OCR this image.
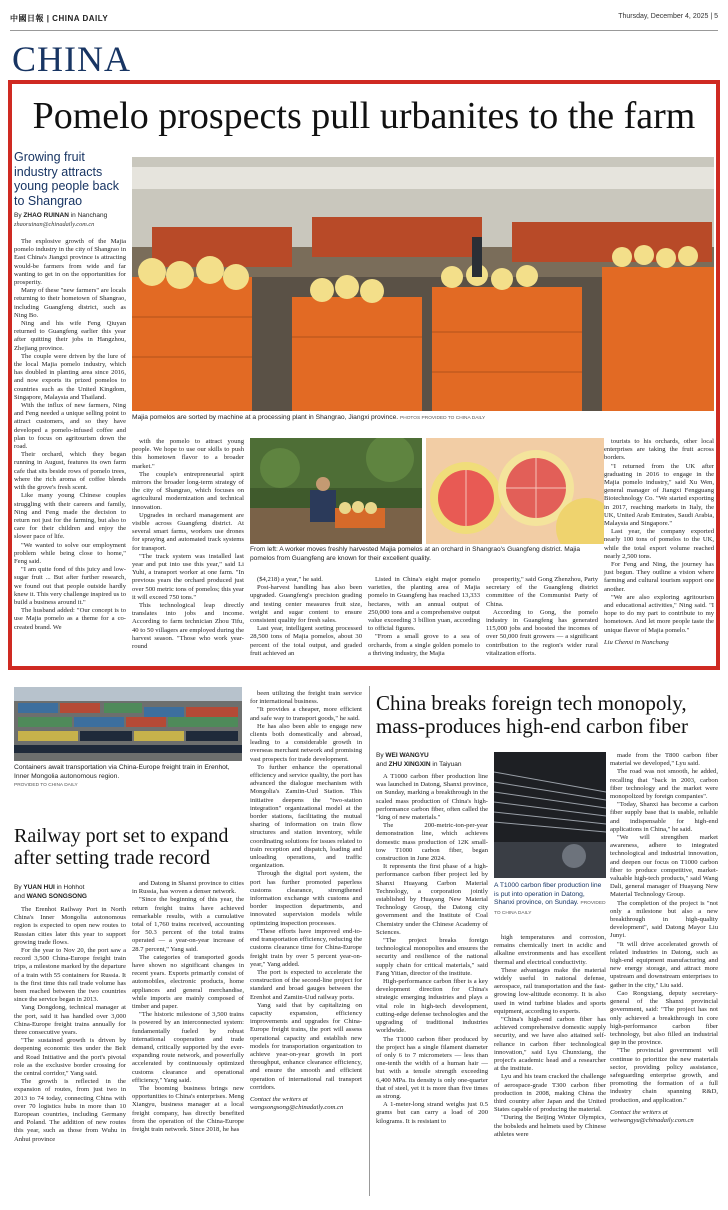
中國日報 | CHINA DAILY	Thursday, December 4, 2025 | 5
CHINA
Pomelo prospects pull urbanites to the farm
Growing fruit industry attracts young people back to Shangrao
By ZHAO RUINAN in Nanchang
zhaoruinan@chinadaily.com.cn

The explosive growth of the Majia pomelo industry in the city of Shangrao in East China's Jiangxi province is attracting would-be farmers from wide and far wanting to get in on the opportunities for prosperity.

Many of these "new farmers" are locals returning to their hometown of Shangrao, including Guangfeng district, such as Ning Bo.

Ning and his wife Feng Qiuyan returned to Guangfeng earlier this year after quitting their jobs in Hangzhou, Zhejiang province.

The couple were driven by the lure of the local Majia pomelo industry, which has doubled in planting area since 2016, and now exports its prized pomelos to countries such as the United Kingdom, Singapore, Malaysia and Thailand.

With the influx of new farmers, Ning and Feng needed a unique selling point to attract customers, and so they have developed a pomelo-infused coffee and plan to focus on agritourism down the road.

Their orchard, which they began running in August, features its own farm cafe that sits beside rows of pomelo trees, where the rich aroma of coffee blends with the grove's fresh scent.

Like many young Chinese couples struggling with their careers and family, Ning and Feng made the decision to return not just for the farming, but also to care for their children and enjoy the slower pace of life.

"We wanted to solve our employment problem while being close to home," Feng said.

"I am quite fond of this juicy and low-sugar fruit ... But after further research, we found out that people outside hardly knew it. This very challenge inspired us to build a business around it."

The husband added: "Our concept is to use Majia pomelo as a theme for a co-created brand. We

Majia pomelos are sorted by machine at a processing plant in Shangrao, Jiangxi province. PHOTOS PROVIDED TO CHINA DAILY

with the pomelo to attract young people. We hope to use our skills to push this hometown flavor to a broader market."

The couple's entrepreneurial spirit mirrors the broader long-term strategy of the city of Shangrao, which focuses on agricultural modernization and technical innovation.

Upgrades in orchard management are visible across Guangfeng district. At several smart farms, workers use drones for spraying and automated track systems for transport.

"The track system was installed last year and put into use this year," said Li Yuhi, a transport worker at one farm. "In previous years the orchard produced just over 500 metric tons of pomelos; this year it will exceed 750 tons."

This technological leap directly translates into jobs and income. According to farm technician Zhou Tifu, 40 to 50 villagers are employed during the harvest season. "Those who work year-round

From left: A worker moves freshly harvested Majia pomelos at an orchard in Shangrao's Guangfeng district. Majia pomelos from Guangfeng are known for their excellent quality.

($4,218) a year," he said.

Post-harvest handling has also been upgraded. Guangfeng's precision grading and testing center measures fruit size, weight and sugar content to ensure consistent quality for fresh sales.

Last year, intelligent sorting processed 28,500 tons of Majia pomelos, about 30 percent of the total output, and graded fruit achieved an

Listed in China's eight major pomelo varieties, the planting area of Majia pomelo in Guangfeng has reached 13,333 hectares, with an annual output of 250,000 tons and a comprehensive output value exceeding 3 billion yuan, according to official figures.

"From a small grove to a sea of orchards, from a single golden pomelo to a thriving industry, the Majia

prosperity," said Gong Zhenzhou, Party secretary of the Guangfeng district committee of the Communist Party of China.

According to Gong, the pomelo industry in Guangfeng has generated 115,000 jobs and boosted the incomes of over 50,000 fruit growers — a significant contribution to the region's wider rural vitalization efforts.

tourists to his orchards, other local enterprises are taking the fruit across borders.

"I returned from the UK after graduating in 2016 to engage in the Majia pomelo industry," said Xu Wen, general manager of Jiangxi Fengguang Biotechnology Co. "We started exporting in 2017, reaching markets in Italy, the UK, United Arab Emirates, Saudi Arabia, Malaysia and Singapore."

Last year, the company exported nearly 100 tons of pomelos to the UK, while the total export volume reached nearly 2,500 tons.

For Feng and Ning, the journey has just begun. They outline a vision where farming and cultural tourism support one another.

"We are also exploring agritourism and educational activities," Ning said. "I hope to do my part to contribute to my hometown. And let more people taste the unique flavor of Majia pomelo."

Liu Chenxi in Nanchang
Containers await transportation via China-Europe freight train in Erenhot, Inner Mongolia autonomous region.
PROVIDED TO CHINA DAILY
Railway port set to expand after setting trade record
By YUAN HUI in Hohhot
and WANG SONGSONG

The Erenhot Railway Port in North China's Inner Mongolia autonomous region is expected to open new routes to Russian cities later this year to support growing trade flows.

For the year to Nov 20, the port saw a record 3,500 China-Europe freight train trips, a milestone marked by the departure of a train with 55 containers for Russia. It is the first time this rail trade volume has been reached between the two countries since the service began in 2013.

Yang Dongdong, technical manager at the port, said it has handled over 3,000 China-Europe freight trains annually for three consecutive years.

"The sustained growth is driven by deepening economic ties under the Belt and Road Initiative and the port's pivotal role as the exclusive border crossing for the central corridor," Yang said.

The growth is reflected in the expansion of routes, from just two in 2013 to 74 today, connecting China with over 70 logistics hubs in more than 10 European countries, including Germany and Poland. The addition of new routes this year, such as those from Wuhu in Anhui province

and Datong in Shanxi province to cities in Russia, has woven a denser network.

"Since the beginning of this year, the return freight trains have achieved remarkable results, with a cumulative total of 1,760 trains received, accounting for 50.3 percent of the total trains operated — a year-on-year increase of 28.7 percent," Yang said.

The categories of transported goods have shown no significant changes in recent years. Exports primarily consist of automobiles, electronic products, home appliances and general merchandise, while imports are mainly composed of timber and paper.

"The historic milestone of 3,500 trains is powered by an interconnected system: fundamentally fueled by robust international cooperation and trade demand, critically supported by the ever-expanding route network, and powerfully accelerated by continuously optimized customs clearance and operational efficiency," Yang said.

The booming business brings new opportunities to China's enterprises. Meng Xiangyu, business manager at a local freight company, has directly benefited from the operation of the China-Europe freight train network. Since 2018, he has

been utilizing the freight train service for international business.

"It provides a cheaper, more efficient and safe way to transport goods," he said.

He has also been able to engage new clients both domestically and abroad, leading to a considerable growth in overseas merchant network and promising vast prospects for trade development.

To further enhance the operational efficiency and service quality, the port has advanced the dialogue mechanism with Mongolia's Zamiin-Uud Station. This initiative deepens the "two-station integration" organizational model at the border stations, facilitating the mutual sharing of information on train flow structures and station inventory, while coordinating solutions for issues related to train reception and dispatch, loading and unloading operations, and traffic organization.

Through the digital port system, the port has further promoted paperless customs clearance, strengthened information exchange with customs and border inspection departments, and innovated supervision models while optimizing inspection processes.

"These efforts have improved end-to-end transportation efficiency, reducing the customs clearance time for China-Europe freight train by over 5 percent year-on-year," Yang added.

The port is expected to accelerate the construction of the second-line project for standard and broad gauges between the Erenhot and Zamiin-Uud railway ports.

Yang said that by capitalizing on capacity expansion, efficiency improvements and upgrades for China-Europe freight trains, the port will assess operational capacity and establish new models for transportation organization to achieve year-on-year growth in port throughput, enhance clearance efficiency, and ensure the smooth and efficient operation of international rail transport corridors.

Contact the writers at
wangsongsong@chinadaily.com.cn
China breaks foreign tech monopoly, mass-produces high-end carbon fiber
By WEI WANGYU
and ZHU XINGXIN in Taiyuan

A T1000 carbon fiber production line was launched in Datong, Shanxi province, on Sunday, marking a breakthrough in the scaled mass production of China's high-performance carbon fiber, often called the "king of new materials."

The 200-metric-ton-per-year demonstration line, which achieves domestic mass production of 12K small-tow T1000 carbon fiber, began construction in June 2024.

It represents the first phase of a high-performance carbon fiber project led by Shanxi Huayang Carbon Material Technology, a corporation jointly established by Huayang New Material Technology Group, the Datong city government and the Institute of Coal Chemistry under the Chinese Academy of Sciences.

"The project breaks foreign technological monopolies and ensures the security and resilience of the national supply chain for critical materials," said Fang Yitian, director of the institute.

High-performance carbon fiber is a key development direction for China's strategic emerging industries and plays a vital role in high-tech development, cutting-edge defense technologies and the upgrading of traditional industries worldwide.

The T1000 carbon fiber produced by the project has a single filament diameter of only 6 to 7 micrometers — less than one-tenth the width of a human hair — but with a tensile strength exceeding 6,400 MPa. Its density is only one-quarter that of steel, yet it is more than five times as strong.

A 1-meter-long strand weighs just 0.5 grams but can carry a load of 200 kilograms. It is resistant to

A T1000 carbon fiber production line is put into operation in Datong, Shanxi province, on Sunday. PROVIDED TO CHINA DAILY

high temperatures and corrosion, remains chemically inert in acidic and alkaline environments and has excellent thermal and electrical conductivity.

These advantages make the material widely useful in national defense, aerospace, rail transportation and the fast-growing low-altitude economy. It is also used in wind turbine blades and sports equipment, according to experts.

"China's high-end carbon fiber has achieved comprehensive domestic supply security, and we have also attained self-reliance in carbon fiber technological innovation," said Lyu Chunxiang, the project's academic head and a researcher at the institute.

Lyu and his team cracked the challenge of aerospace-grade T300 carbon fiber production in 2008, making China the third country after Japan and the United States capable of producing the material.

"During the Beijing Winter Olympics, the bobsleds and helmets used by Chinese athletes were

made from the T800 carbon fiber material we developed," Lyu said.

The road was not smooth, he added, recalling that "back in 2003, carbon fiber technology and the market were monopolized by foreign companies".

"Today, Shanxi has become a carbon fiber supply base that is usable, reliable and indispensable for high-end applications in China," he said.

"We will strengthen market awareness, adhere to integrated technological and industrial innovation, and deepen our focus on T1000 carbon fiber to produce competitive, market-valuable high-tech products," said Wang Dali, general manager of Huayang New Material Technology Group.

The completion of the project is "not only a milestone but also a new breakthrough in high-quality development", said Datong Mayor Liu Junyi.

"It will drive accelerated growth of related industries in Datong, such as high-end equipment manufacturing and new energy storage, and attract more upstream and downstream enterprises to gather in the city," Liu said.

Cao Rongxiang, deputy secretary-general of the Shanxi provincial government, said: "The project has not only achieved a breakthrough in core high-performance carbon fiber technology, but also filled an industrial gap in the province.

"The provincial government will continue to prioritize the new materials sector, providing policy assistance, safeguarding enterprise growth, and promoting the formation of a full industry chain spanning R&D, production, and application."

Contact the writers at
weiwangyu@chinadaily.com.cn
